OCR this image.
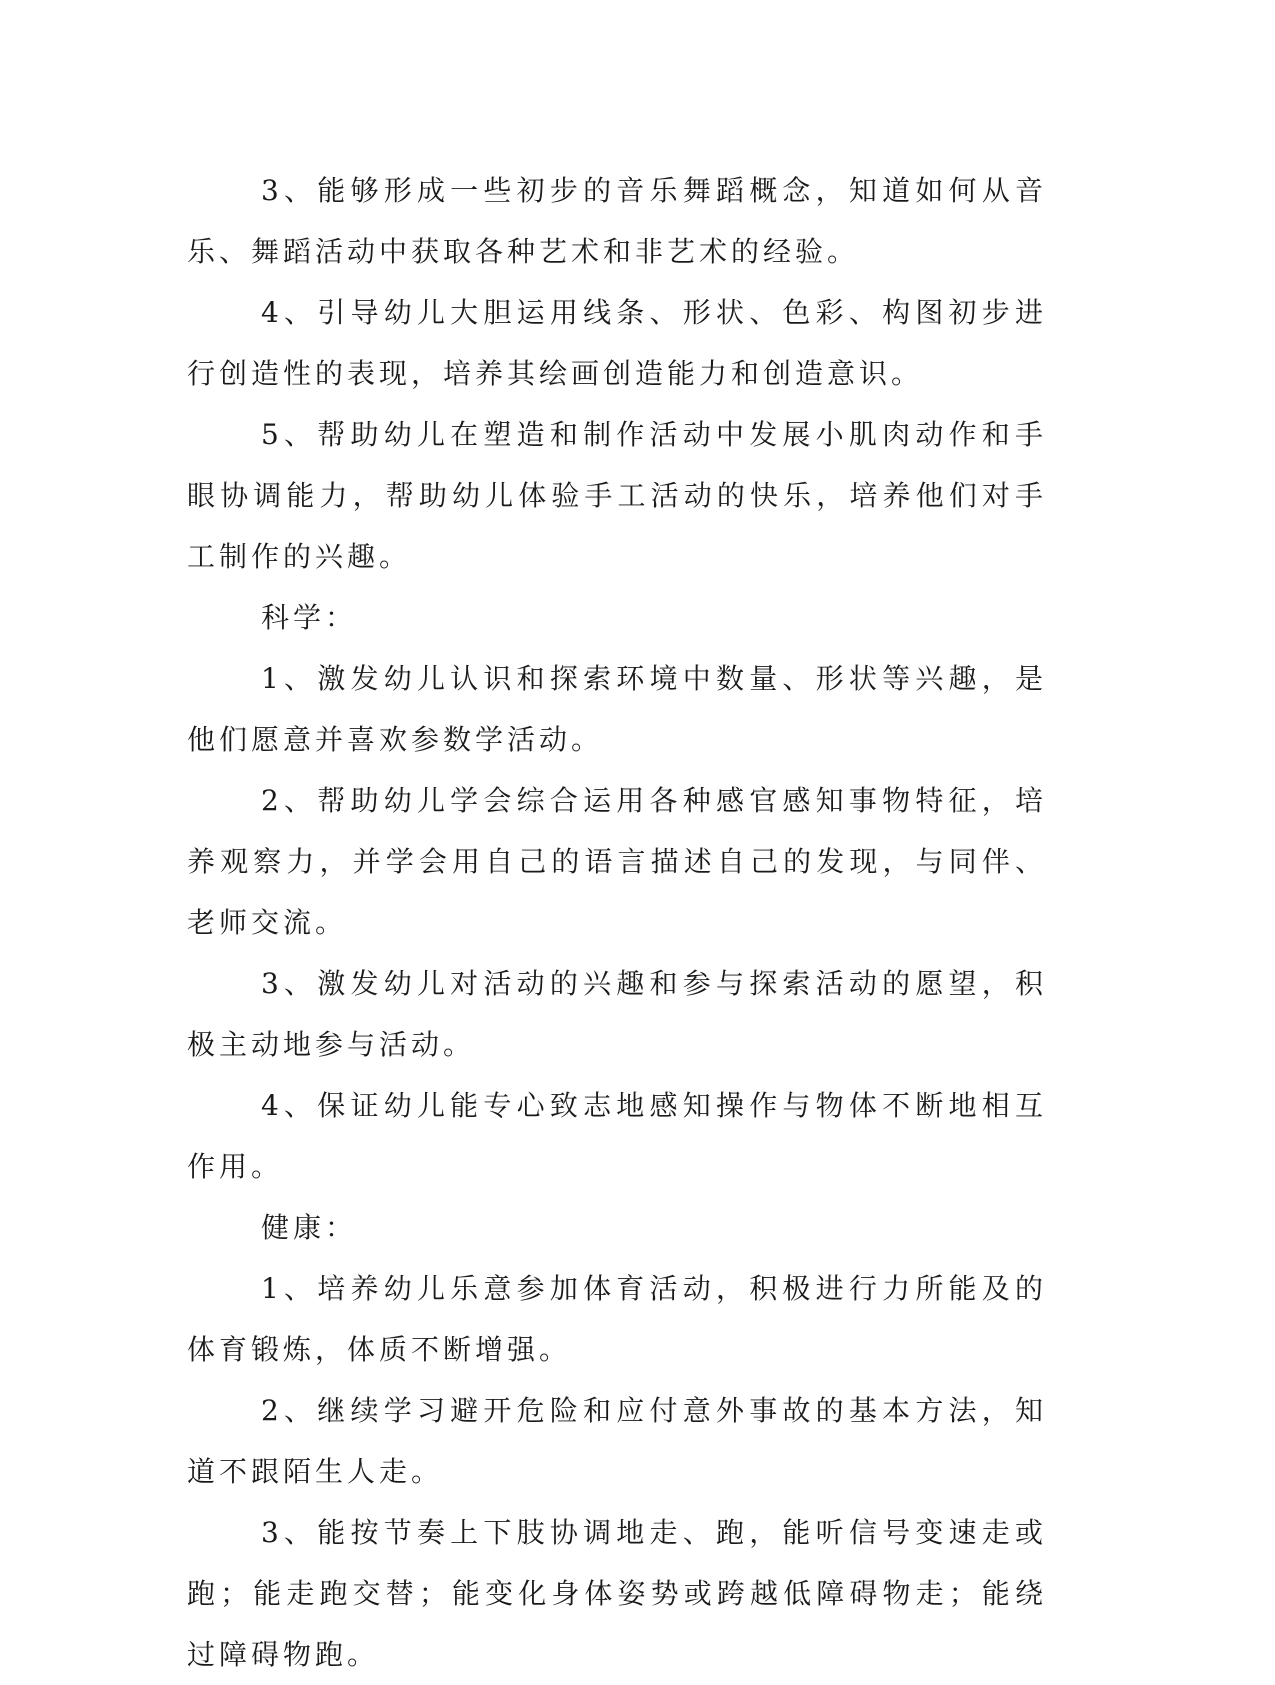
3、能够形成一些初步的音乐舞蹈概念，知道如何从音乐、舞蹈活动中获取各种艺术和非艺术的经验。

4、引导幼儿大胆运用线条、形状、色彩、构图初步进行创造性的表现，培养其绘画创造能力和创造意识。

5、帮助幼儿在塑造和制作活动中发展小肌肉动作和手眼协调能力，帮助幼儿体验手工活动的快乐，培养他们对手工制作的兴趣。

科学：

1、激发幼儿认识和探索环境中数量、形状等兴趣，是他们愿意并喜欢参数学活动。

2、帮助幼儿学会综合运用各种感官感知事物特征，培养观察力，并学会用自己的语言描述自己的发现，与同伴、老师交流。

3、激发幼儿对活动的兴趣和参与探索活动的愿望，积极主动地参与活动。

4、保证幼儿能专心致志地感知操作与物体不断地相互作用。

健康：

1、培养幼儿乐意参加体育活动，积极进行力所能及的体育锻炼，体质不断增强。

2、继续学习避开危险和应付意外事故的基本方法，知道不跟陌生人走。

3、能按节奏上下肢协调地走、跑，能听信号变速走或跑；能走跑交替；能变化身体姿势或跨越低障碍物走；能绕过障碍物跑。
